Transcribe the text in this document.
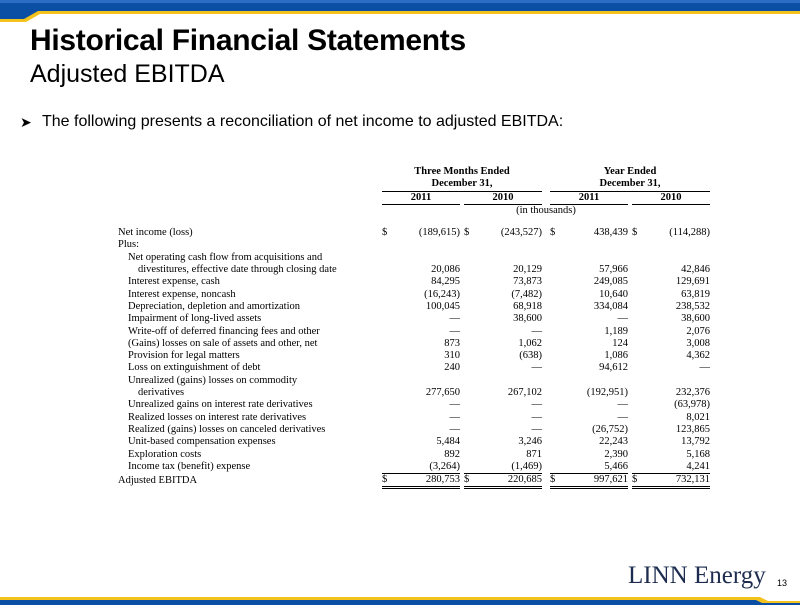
Historical Financial Statements
Adjusted EBITDA
➤ The following presents a reconciliation of net income to adjusted EBITDA:
		Three Months Ended							Year Ended				
		December 31,							December 31,				
		2011			2010				2011			2010	
		(in thousands)											

Net income (loss)		$	(189,615)		$	(243,527)			$	438,439		$	(114,288)
Plus:													
Net operating cash flow from acquisitions and													
divestitures, effective date through closing date			20,086			20,129				57,966			42,846
Interest expense, cash			84,295			73,873				249,085			129,691
Interest expense, noncash			(16,243)			(7,482)				10,640			63,819
Depreciation, depletion and amortization			100,045			68,918				334,084			238,532
Impairment of long-lived assets			—			38,600				—			38,600
Write-off of deferred financing fees and other			—			—				1,189			2,076
(Gains) losses on sale of assets and other, net			873			1,062				124			3,008
Provision for legal matters			310			(638)				1,086			4,362
Loss on extinguishment of debt			240			—				94,612			—
Unrealized (gains) losses on commodity													
derivatives			277,650			267,102				(192,951)			232,376
Unrealized gains on interest rate derivatives			—			—				—			(63,978)
Realized losses on interest rate derivatives			—			—				—			8,021
Realized (gains) losses on canceled derivatives			—			—				(26,752)			123,865
Unit-based compensation expenses			5,484			3,246				22,243			13,792
Exploration costs			892			871				2,390			5,168
Income tax (benefit) expense			(3,264)			(1,469)				5,466			4,241
Adjusted EBITDA		$	280,753		$	220,685			$	997,621		$	732,131
LINN Energy 13
